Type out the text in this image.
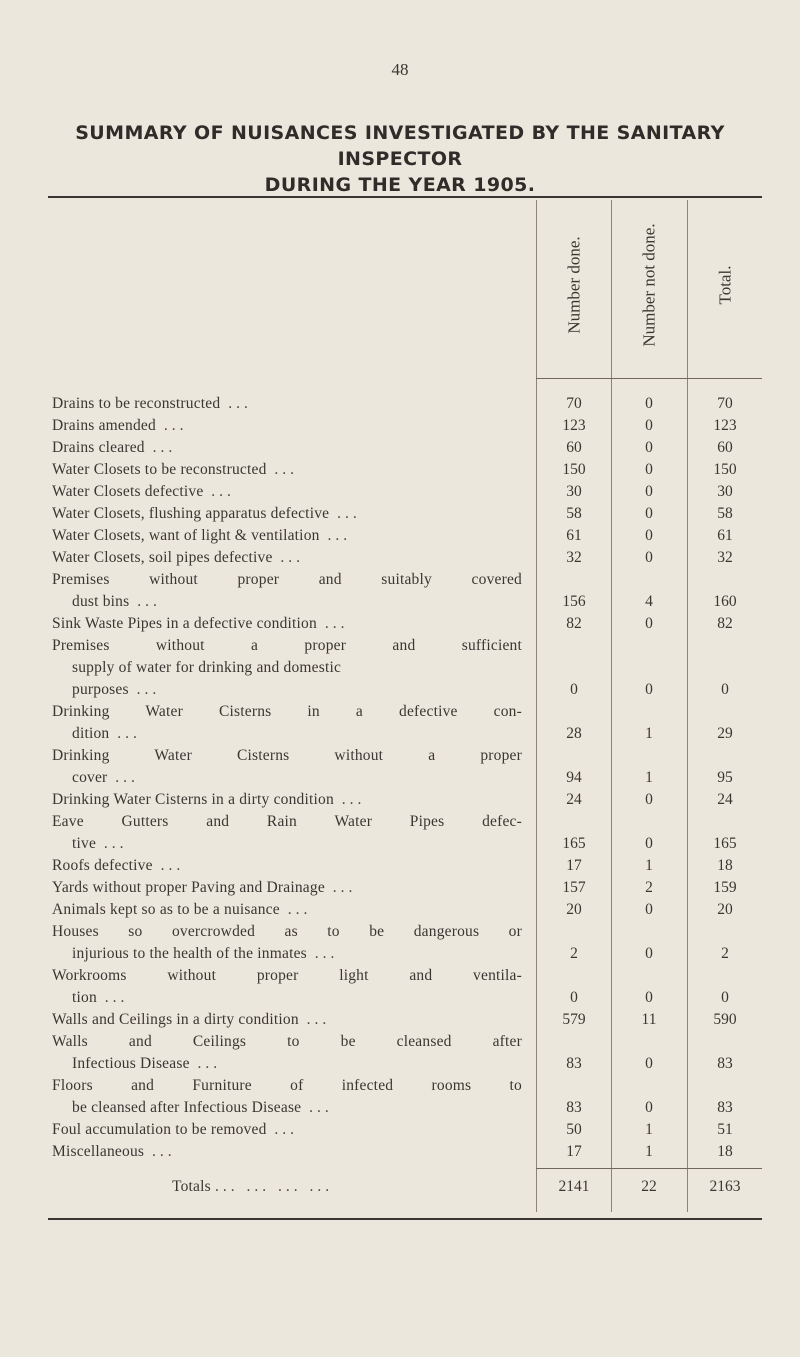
48
SUMMARY OF NUISANCES INVESTIGATED BY THE SANITARY INSPECTOR
DURING THE YEAR 1905.
Number done.	Number not done.	Total.
Drains to be reconstructed ...	70	0	70
Drains amended ...	123	0	123
Drains cleared ...	60	0	60
Water Closets to be reconstructed ...	150	0	150
Water Closets defective ...	30	0	30
Water Closets, flushing apparatus defective ...	58	0	58
Water Closets, want of light & ventilation ...	61	0	61
Water Closets, soil pipes defective ...	32	0	32
Premises without proper and suitably covered
dust bins ...	156	4	160
Sink Waste Pipes in a defective condition ...	82	0	82
Premises without a proper and sufficient
supply of water for drinking and domestic
purposes ...	0	0	0
Drinking Water Cisterns in a defective con-
dition ...	28	1	29
Drinking Water Cisterns without a proper
cover ...	94	1	95
Drinking Water Cisterns in a dirty condition ...	24	0	24
Eave Gutters and Rain Water Pipes defec-
tive ...	165	0	165
Roofs defective ...	17	1	18
Yards without proper Paving and Drainage ...	157	2	159
Animals kept so as to be a nuisance ...	20	0	20
Houses so overcrowded as to be dangerous or
injurious to the health of the inmates ...	2	0	2
Workrooms without proper light and ventila-
tion ...	0	0	0
Walls and Ceilings in a dirty condition ...	579	11	590
Walls and Ceilings to be cleansed after
Infectious Disease ...	83	0	83
Floors and Furniture of infected rooms to
be cleansed after Infectious Disease ...	83	0	83
Foul accumulation to be removed ...	50	1	51
Miscellaneous ...	17	1	18
Totals ... ... ... ...	2141	22	2163
